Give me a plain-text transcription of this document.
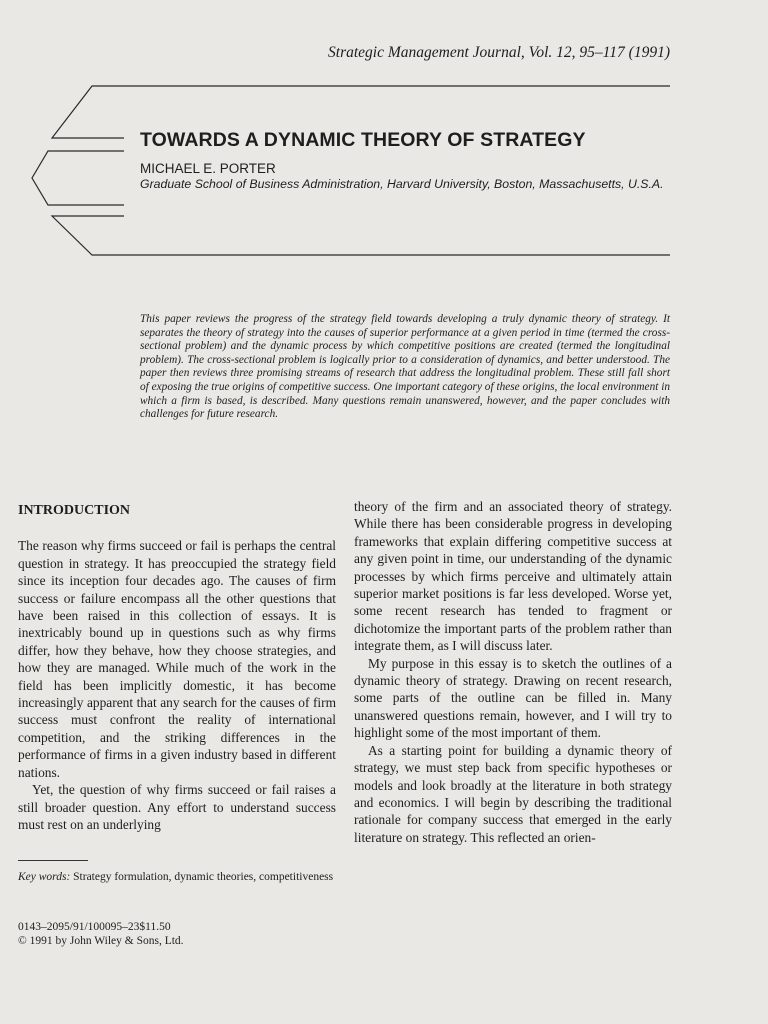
Strategic Management Journal, Vol. 12, 95–117 (1991)
TOWARDS A DYNAMIC THEORY OF STRATEGY
MICHAEL E. PORTER
Graduate School of Business Administration, Harvard University, Boston, Massachusetts, U.S.A.
This paper reviews the progress of the strategy field towards developing a truly dynamic theory of strategy. It separates the theory of strategy into the causes of superior performance at a given period in time (termed the cross-sectional problem) and the dynamic process by which competitive positions are created (termed the longitudinal problem). The cross-sectional problem is logically prior to a consideration of dynamics, and better understood. The paper then reviews three promising streams of research that address the longitudinal problem. These still fall short of exposing the true origins of competitive success. One important category of these origins, the local environment in which a firm is based, is described. Many questions remain unanswered, however, and the paper concludes with challenges for future research.

INTRODUCTION

The reason why firms succeed or fail is perhaps the central question in strategy. It has preoccupied the strategy field since its inception four decades ago. The causes of firm success or failure encompass all the other questions that have been raised in this collection of essays. It is inextricably bound up in questions such as why firms differ, how they behave, how they choose strategies, and how they are managed. While much of the work in the field has been implicitly domestic, it has become increasingly apparent that any search for the causes of firm success must confront the reality of international competition, and the striking differences in the performance of firms in a given industry based in different nations.

Yet, the question of why firms succeed or fail raises a still broader question. Any effort to understand success must rest on an underlying

theory of the firm and an associated theory of strategy. While there has been considerable progress in developing frameworks that explain differing competitive success at any given point in time, our understanding of the dynamic processes by which firms perceive and ultimately attain superior market positions is far less developed. Worse yet, some recent research has tended to fragment or dichotomize the important parts of the problem rather than integrate them, as I will discuss later.

My purpose in this essay is to sketch the outlines of a dynamic theory of strategy. Drawing on recent research, some parts of the outline can be filled in. Many unanswered questions remain, however, and I will try to highlight some of the most important of them.

As a starting point for building a dynamic theory of strategy, we must step back from specific hypotheses or models and look broadly at the literature in both strategy and economics. I will begin by describing the traditional rationale for company success that emerged in the early literature on strategy. This reflected an orien-

Key words: Strategy formulation, dynamic theories, competitiveness
0143–2095/91/100095–23$11.50
© 1991 by John Wiley & Sons, Ltd.
